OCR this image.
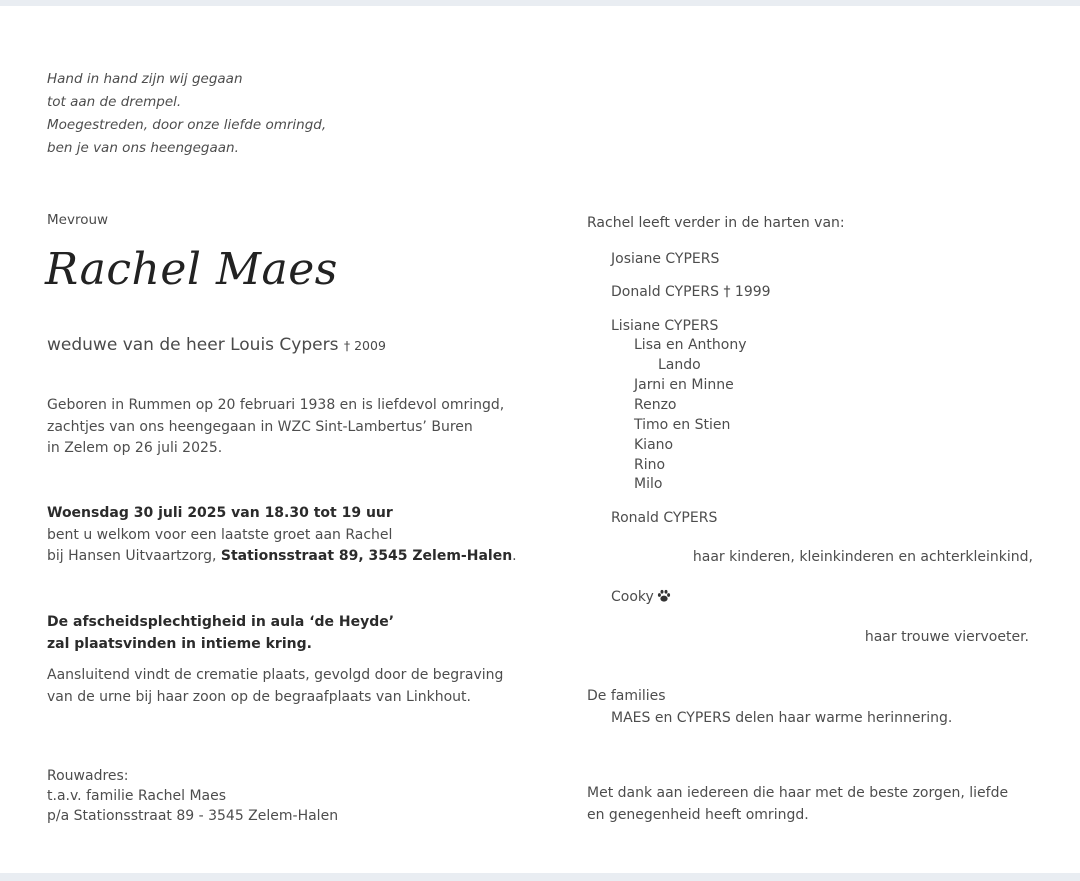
Hand in hand zijn wij gegaan
tot aan de drempel.
Moegestreden, door onze liefde omringd,
ben je van ons heengegaan.
Mevrouw
Rachel Maes
weduwe van de heer Louis Cypers † 2009
Geboren in Rummen op 20 februari 1938 en is liefdevol omringd,
zachtjes van ons heengegaan in WZC Sint-Lambertus’ Buren
in Zelem op 26 juli 2025.
Woensdag 30 juli 2025 van 18.30 tot 19 uur
bent u welkom voor een laatste groet aan Rachel
bij Hansen Uitvaartzorg, Stationsstraat 89, 3545 Zelem-Halen.
De afscheidsplechtigheid in aula ‘de Heyde’
zal plaatsvinden in intieme kring.
Aansluitend vindt de crematie plaats, gevolgd door de begraving
van de urne bij haar zoon op de begraafplaats van Linkhout.
Rouwadres:
t.a.v. familie Rachel Maes
p/a Stationsstraat 89 - 3545 Zelem-Halen
Rachel leeft verder in de harten van:
Josiane CYPERS
Donald CYPERS † 1999
Lisiane CYPERS
Lisa en Anthony
Lando
Jarni en Minne
Renzo
Timo en Stien
Kiano
Rino
Milo
Ronald CYPERS
haar kinderen, kleinkinderen en achterkleinkind,
Cooky
haar trouwe viervoeter.
De families
MAES en CYPERS delen haar warme herinnering.
Met dank aan iedereen die haar met de beste zorgen, liefde
en genegenheid heeft omringd.
